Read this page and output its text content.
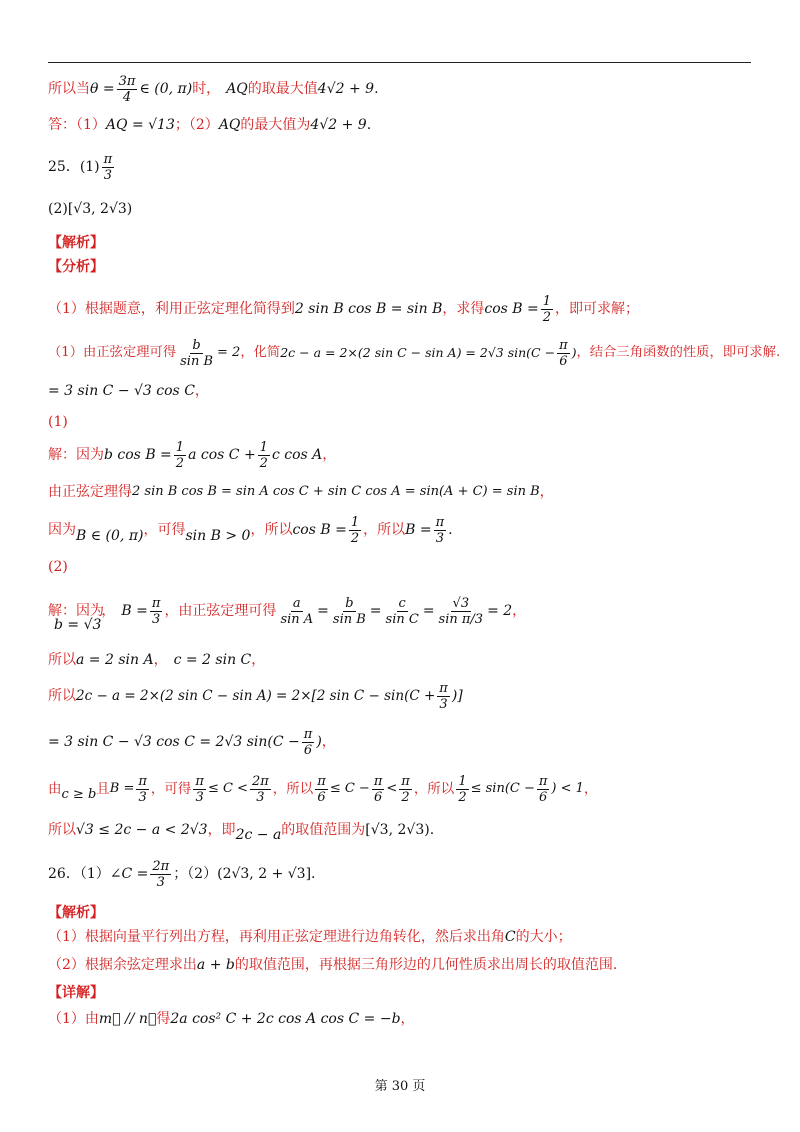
所以当 $\theta = \frac{3\pi}{4}$ ∈ (0, π) 时， AQ 的取最大值 4√2 + 9 .
答：（1） AQ = √13 ；（2） AQ 的最大值为 4√2 + 9 .
25．$(1) \frac{\pi}{3}$
(2) [√3, 2√3)
【解析】
【分析】
（1）根据题意，利用正弦定理化简得到 2 sin B cos B = sin B ，求得 $\cos B = \frac{1}{2}$ ，即可求解；
（1）由正弦定理可得 $\frac{b}{\text{sin B}} = 2$ ，化简 2c − a = 2×(2 sin C − sin A) = 2√3 $\sin(C - \frac{\pi}{6}$ ) ，结合三角函数的性质，即可求解.
= 3 sin C − √3 cos C ，
(1)
解：因为 b $\cos B = \frac{1}{2}$ a $\cos C + \frac{1}{2}$ c cos A ，
由正弦定理得 2 sin B cos B = sin A cos C + sin C cos A = sin(A + C) = sin B ，
因为 B ∈ (0, π) ，可得 sin B > 0 ，所以 $\cos B = \frac{1}{2}$ ，所以 $B = \frac{\pi}{3}$ .
(2)
解：因为
b = √3
， $B = \frac{\pi}{3}$ ，由正弦定理可得 $\frac{a}{\text{sin A}} = \frac{b}{\text{sin B}} = \frac{c}{\text{sin C}} = \frac{√3}{\text{sin π/3}} = 2$ ，
所以 a = 2 sin A ， c = 2 sin C ，
所以 2c − a = 2×(2 sin C − sin A) = 2×[2 $\sin C - \sin(C + \frac{\pi}{3}$ )]
= 3 sin C − √3 cos C = 2√3 $\sin(C - \frac{\pi}{6}$ ) ，
由 c ≥ b 且 $B = \frac{\pi}{3}$ ，可得 $\frac{\pi}{3} \le C < \frac{2\pi}{3}$ ，所以 $\frac{\pi}{6} \le C - \frac{\pi}{6} < \frac{\pi}{2}$ ，所以 $\frac{1}{2} \le \sin(C - \frac{\pi}{6}$ ) < 1 ，
所以 √3 ≤ 2c − a < 2√3 ，即 2c − a 的取值范围为 [√3, 2√3) .
26．（1） ∠C = $\frac{2\pi}{3}$ ；（2） (2√3, 2 + √3] .
【解析】
（1）根据向量平行列出方程，再利用正弦定理进行边角转化，然后求出角 C 的大小；
（2）根据余弦定理求出 a + b 的取值范围，再根据三角形边的几何性质求出周长的取值范围.
【详解】
（1）由 m⃗ // n⃗ 得 2a cos² C + 2c cos A cos C = −b ，
第 30 页
